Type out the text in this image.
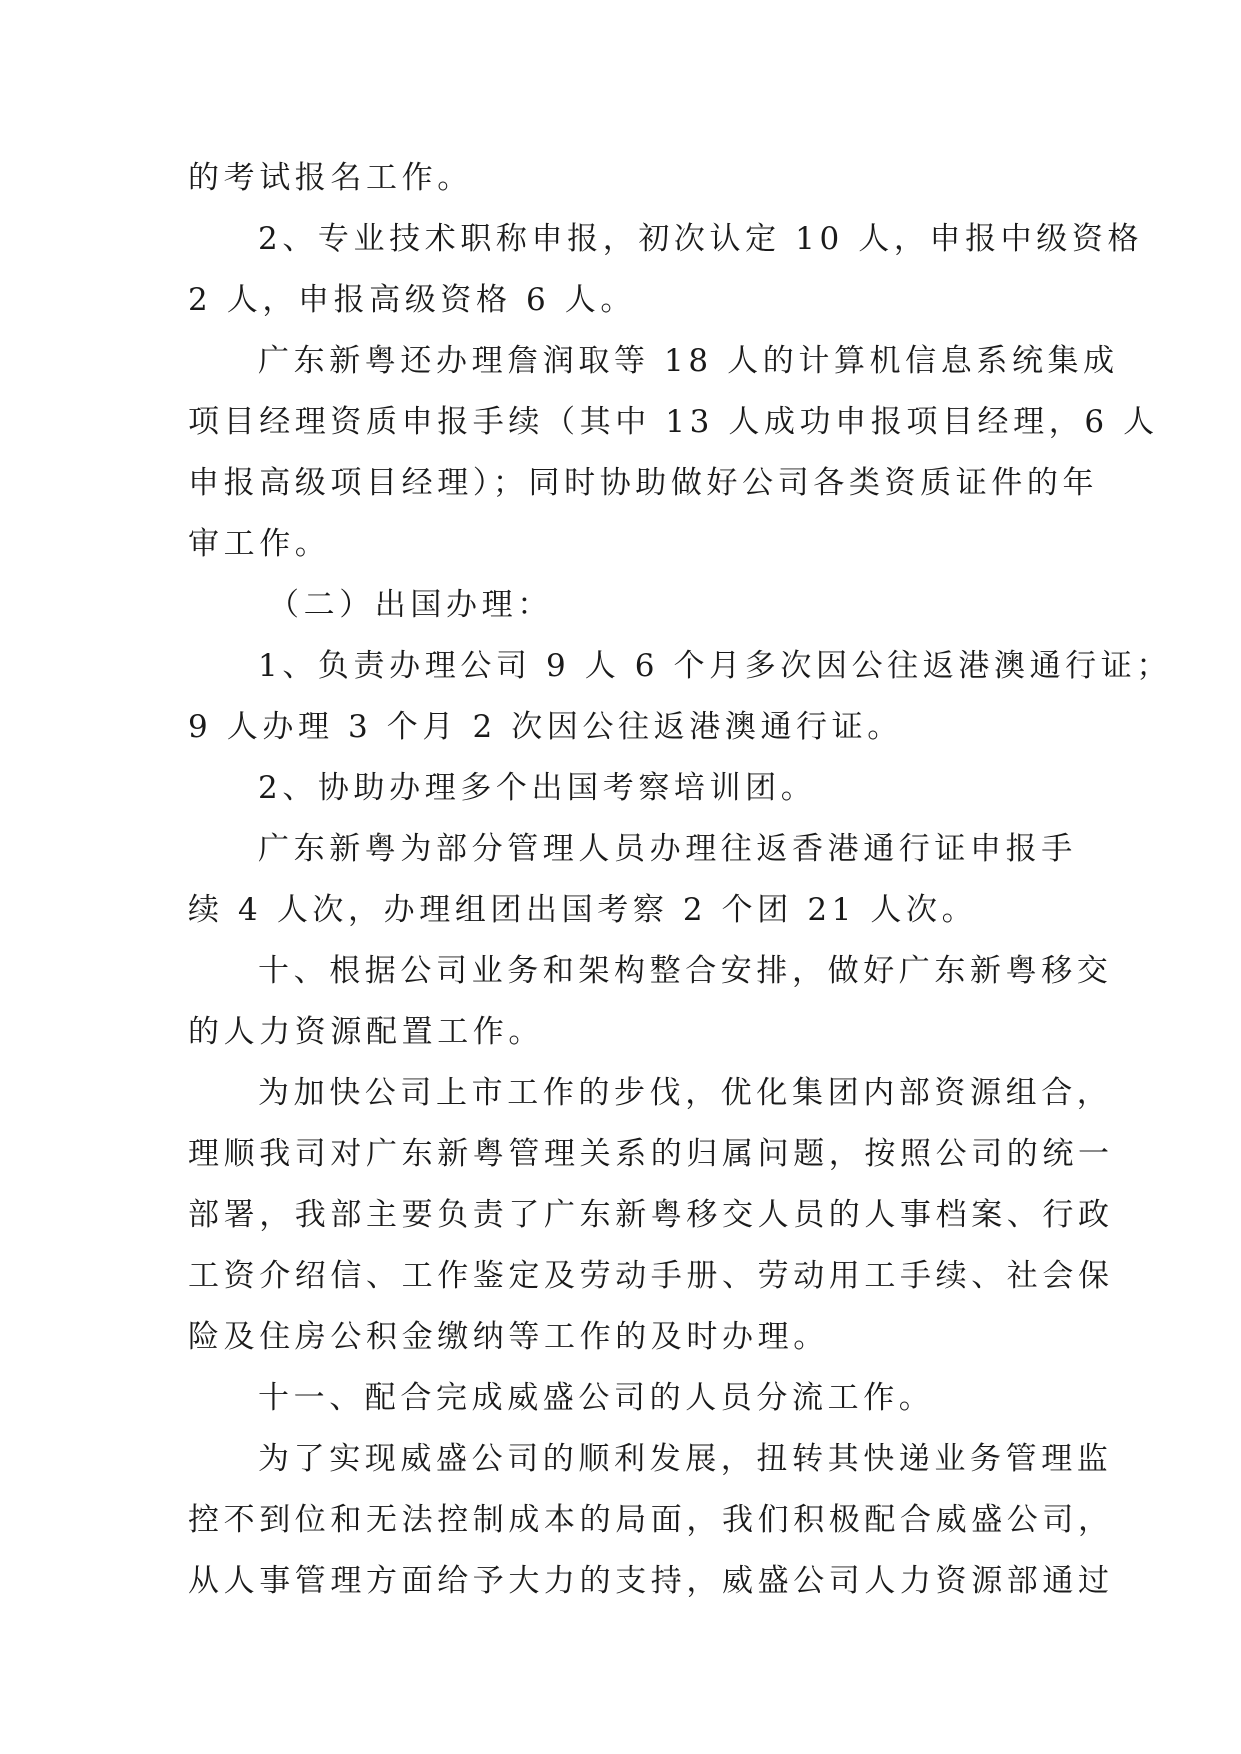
的考试报名工作。
2、专业技术职称申报，初次认定 10 人，申报中级资格
2 人，申报高级资格 6 人。
广东新粤还办理詹润取等 18 人的计算机信息系统集成
项目经理资质申报手续（其中 13 人成功申报项目经理，6 人
申报高级项目经理）；同时协助做好公司各类资质证件的年
审工作。
（二）出国办理：
1、负责办理公司 9 人 6 个月多次因公往返港澳通行证；
9 人办理 3 个月 2 次因公往返港澳通行证。
2、协助办理多个出国考察培训团。
广东新粤为部分管理人员办理往返香港通行证申报手
续 4 人次，办理组团出国考察 2 个团 21 人次。
十、根据公司业务和架构整合安排，做好广东新粤移交
的人力资源配置工作。
为加快公司上市工作的步伐，优化集团内部资源组合，
理顺我司对广东新粤管理关系的归属问题，按照公司的统一
部署，我部主要负责了广东新粤移交人员的人事档案、行政
工资介绍信、工作鉴定及劳动手册、劳动用工手续、社会保
险及住房公积金缴纳等工作的及时办理。
十一、配合完成威盛公司的人员分流工作。
为了实现威盛公司的顺利发展，扭转其快递业务管理监
控不到位和无法控制成本的局面，我们积极配合威盛公司，
从人事管理方面给予大力的支持，威盛公司人力资源部通过
